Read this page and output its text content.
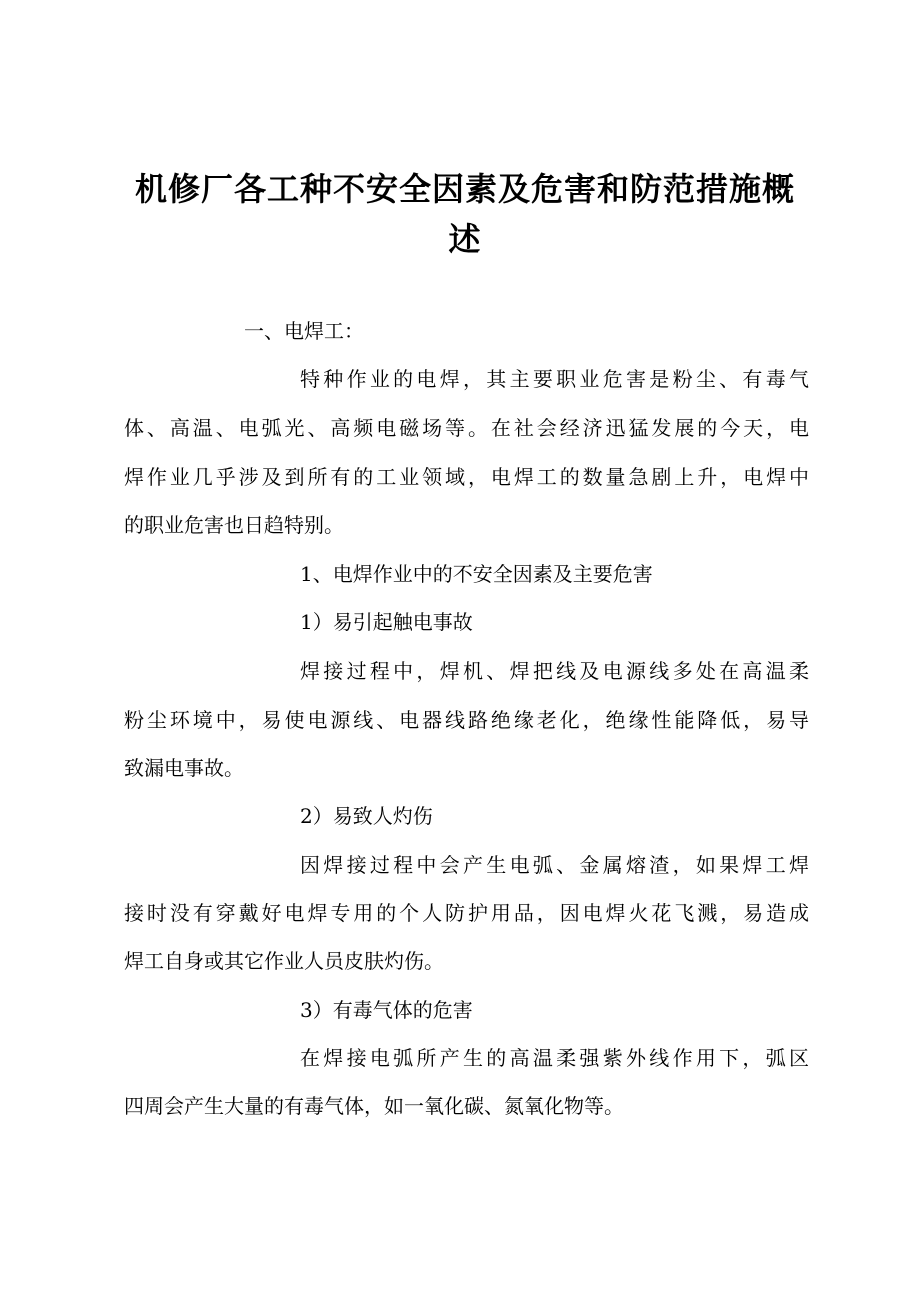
机修厂各工种不安全因素及危害和防范措施概述

一、电焊工：

特种作业的电焊，其主要职业危害是粉尘、有毒气

体、高温、电弧光、高频电磁场等。在社会经济迅猛发展的今天，电

焊作业几乎涉及到所有的工业领域，电焊工的数量急剧上升，电焊中

的职业危害也日趋特别。

1、电焊作业中的不安全因素及主要危害

1）易引起触电事故

焊接过程中，焊机、焊把线及电源线多处在高温柔

粉尘环境中，易使电源线、电器线路绝缘老化，绝缘性能降低，易导

致漏电事故。

2）易致人灼伤

因焊接过程中会产生电弧、金属熔渣，如果焊工焊

接时没有穿戴好电焊专用的个人防护用品，因电焊火花飞溅，易造成

焊工自身或其它作业人员皮肤灼伤。

3）有毒气体的危害

在焊接电弧所产生的高温柔强紫外线作用下，弧区

四周会产生大量的有毒气体，如一氧化碳、氮氧化物等。
